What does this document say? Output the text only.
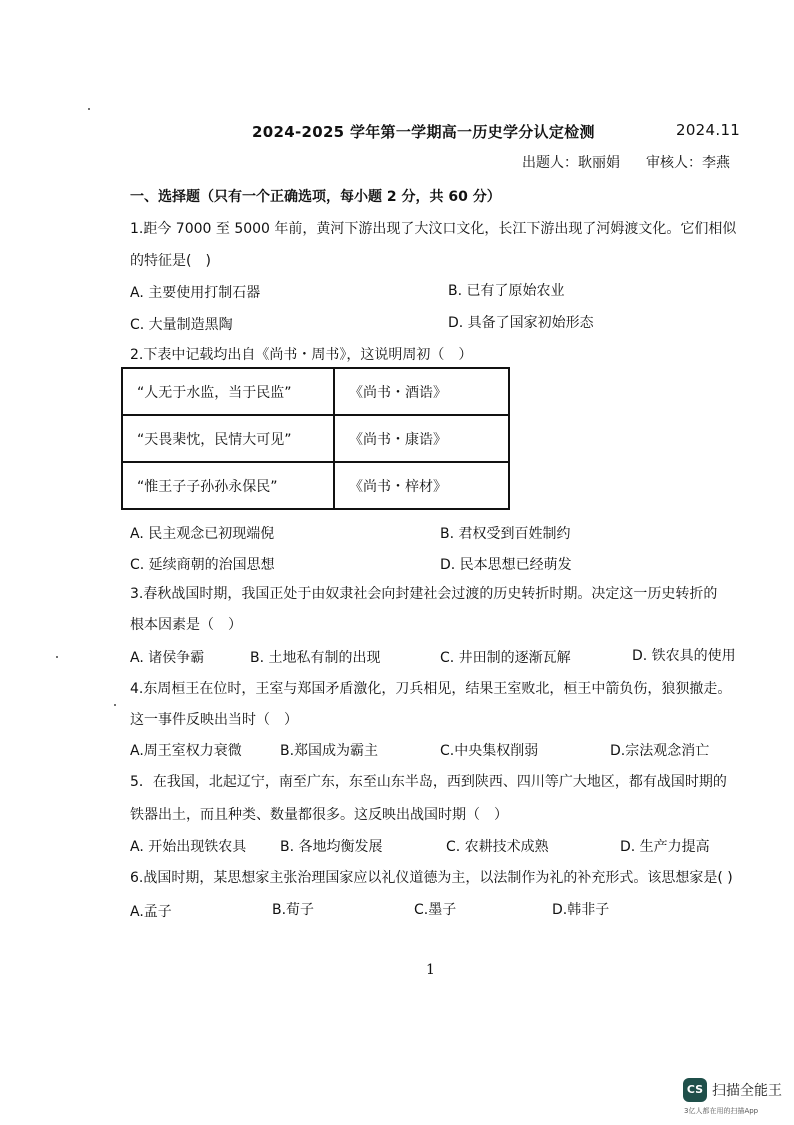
2024-2025 学年第一学期高一历史学分认定检测	2024.11
出题人：耿丽娟 审核人：李燕
一、选择题（只有一个正确选项，每小题 2 分，共 60 分）
1.距今 7000 至 5000 年前，黄河下游出现了大汶口文化，长江下游出现了河姆渡文化。它们相似
的特征是(　)
A. 主要使用打制石器	B. 已有了原始农业
C. 大量制造黑陶	D. 具备了国家初始形态
2.下表中记载均出自《尚书・周书》，这说明周初（　）
“人无于水监，当于民监”	《尚书・酒诰》
“天畏棐忱，民情大可见”	《尚书・康诰》
“惟王子子孙孙永保民”	《尚书・梓材》
A. 民主观念已初现端倪	B. 君权受到百姓制约
C. 延续商朝的治国思想	D. 民本思想已经萌发
3.春秋战国时期，我国正处于由奴隶社会向封建社会过渡的历史转折时期。决定这一历史转折的
根本因素是（　）
A. 诸侯争霸	B. 土地私有制的出现	C. 井田制的逐渐瓦解	D. 铁农具的使用
4.东周桓王在位时，王室与郑国矛盾激化，刀兵相见，结果王室败北，桓王中箭负伤，狼狈撤走。
这一事件反映出当时（　）
A.周王室权力衰微	B.郑国成为霸主	C.中央集权削弱	D.宗法观念消亡
5．在我国，北起辽宁，南至广东，东至山东半岛，西到陕西、四川等广大地区，都有战国时期的
铁器出土，而且种类、数量都很多。这反映出战国时期（　）
A. 开始出现铁农具 B. 各地均衡发展	C. 农耕技术成熟	D. 生产力提高
6.战国时期，某思想家主张治理国家应以礼仪道德为主，以法制作为礼的补充形式。该思想家是( )
A.孟子	B.荀子	C.墨子	D.韩非子
1
CS 扫描全能王
3亿人都在用的扫描App
